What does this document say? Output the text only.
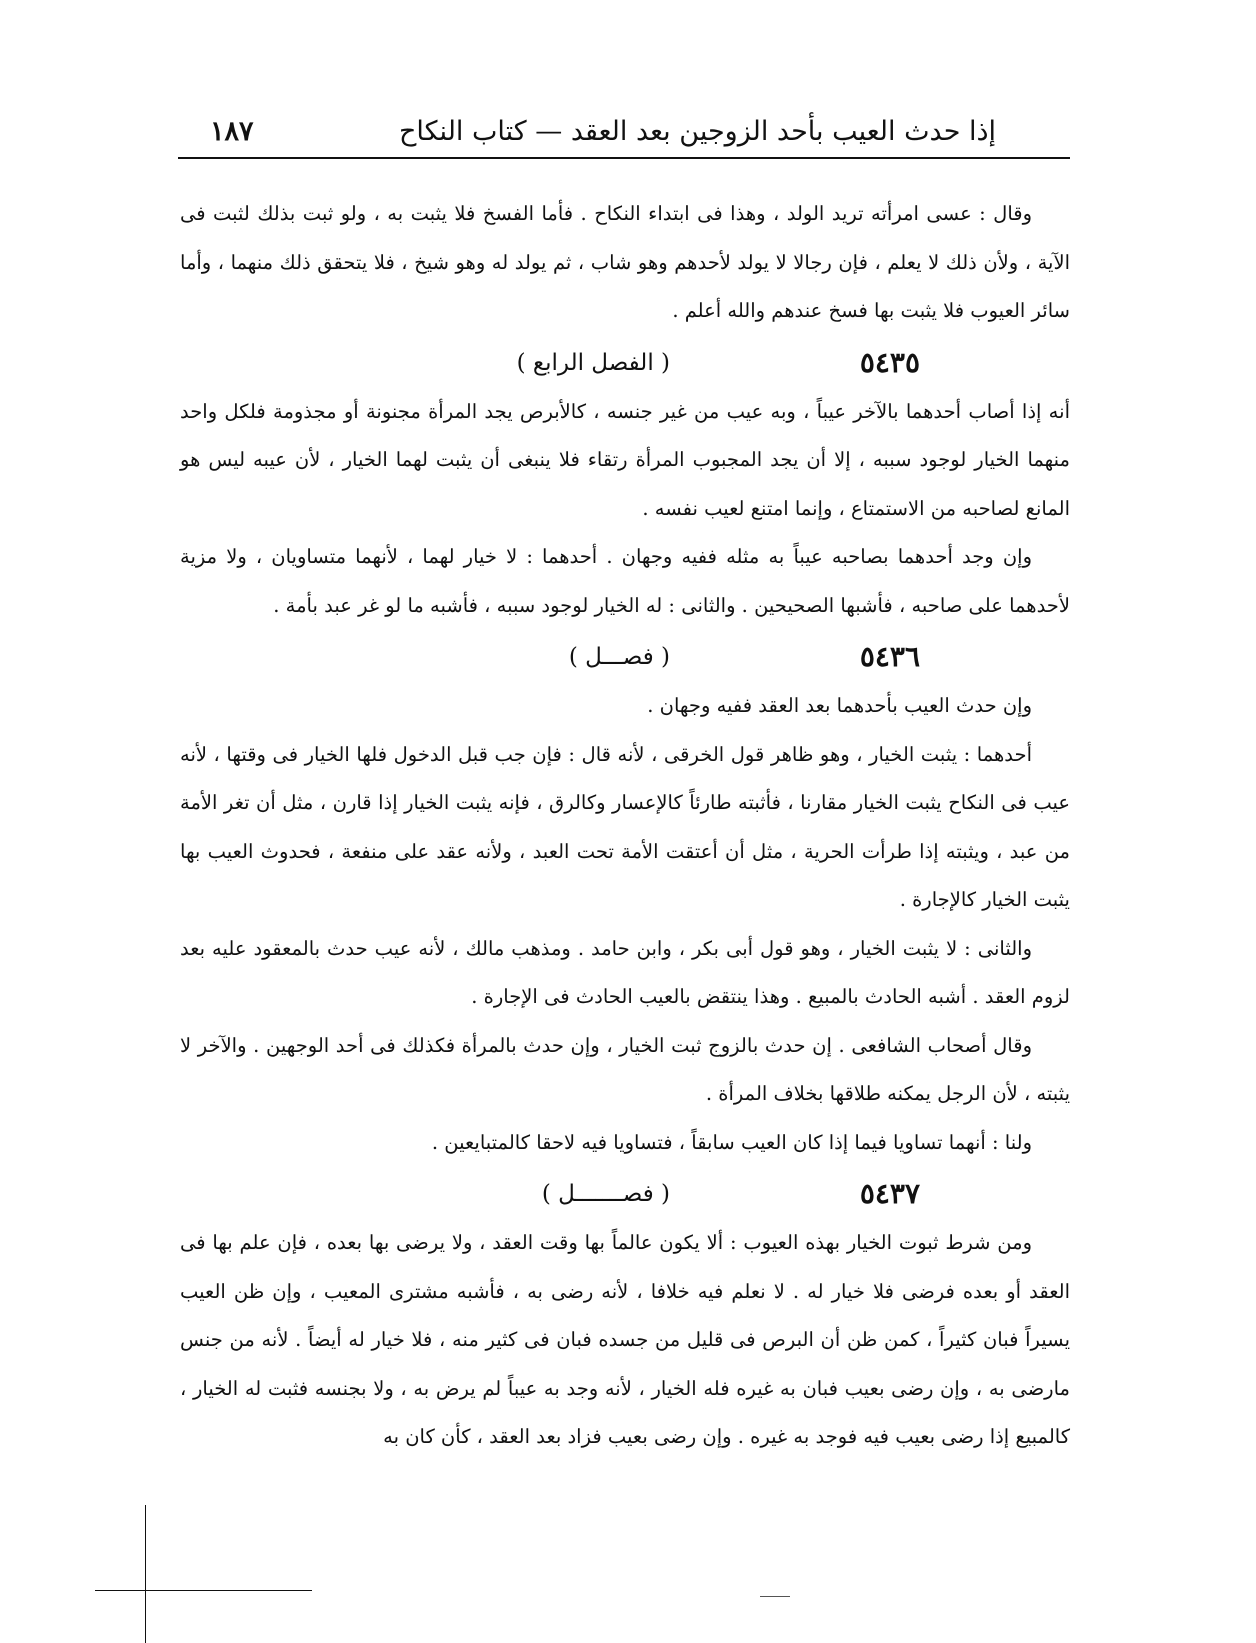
إذا حدث العيب بأحد الزوجين بعد العقد — كتاب النكاح
١٨٧

وقال : عسى امرأته تريد الولد ، وهذا فى ابتداء النكاح . فأما الفسخ فلا يثبت به ، ولو ثبت بذلك لثبت فى الآية ، ولأن ذلك لا يعلم ، فإن رجالا لا يولد لأحدهم وهو شاب ، ثم يولد له وهو شيخ ، فلا يتحقق ذلك منهما ، وأما سائر العيوب فلا يثبت بها فسخ عندهم والله أعلم .

٥٤٣٥
( الفصل الرابع )

أنه إذا أصاب أحدهما بالآخر عيباً ، وبه عيب من غير جنسه ، كالأبرص يجد المرأة مجنونة أو مجذومة فلكل واحد منهما الخيار لوجود سببه ، إلا أن يجد المجبوب المرأة رتقاء فلا ينبغى أن يثبت لهما الخيار ، لأن عيبه ليس هو المانع لصاحبه من الاستمتاع ، وإنما امتنع لعيب نفسه .

وإن وجد أحدهما بصاحبه عيباً به مثله ففيه وجهان . أحدهما : لا خيار لهما ، لأنهما متساويان ، ولا مزية لأحدهما على صاحبه ، فأشبها الصحيحين . والثانى : له الخيار لوجود سببه ، فأشبه ما لو غر عبد بأمة .

٥٤٣٦
( فصـــل )

وإن حدث العيب بأحدهما بعد العقد ففيه وجهان .

أحدهما : يثبت الخيار ، وهو ظاهر قول الخرقى ، لأنه قال : فإن جب قبل الدخول فلها الخيار فى وقتها ، لأنه عيب فى النكاح يثبت الخيار مقارنا ، فأثبته طارئاً كالإعسار وكالرق ، فإنه يثبت الخيار إذا قارن ، مثل أن تغر الأمة من عبد ، ويثبته إذا طرأت الحرية ، مثل أن أعتقت الأمة تحت العبد ، ولأنه عقد على منفعة ، فحدوث العيب بها يثبت الخيار كالإجارة .

والثانى : لا يثبت الخيار ، وهو قول أبى بكر ، وابن حامد . ومذهب مالك ، لأنه عيب حدث بالمعقود عليه بعد لزوم العقد . أشبه الحادث بالمبيع . وهذا ينتقض بالعيب الحادث فى الإجارة .

وقال أصحاب الشافعى . إن حدث بالزوج ثبت الخيار ، وإن حدث بالمرأة فكذلك فى أحد الوجهين . والآخر لا يثبته ، لأن الرجل يمكنه طلاقها بخلاف المرأة .

ولنا : أنهما تساويا فيما إذا كان العيب سابقاً ، فتساويا فيه لاحقا كالمتبايعين .

٥٤٣٧
( فصـــــــل )

ومن شرط ثبوت الخيار بهذه العيوب : ألا يكون عالماً بها وقت العقد ، ولا يرضى بها بعده ، فإن علم بها فى العقد أو بعده فرضى فلا خيار له . لا نعلم فيه خلافا ، لأنه رضى به ، فأشبه مشترى المعيب ، وإن ظن العيب يسيراً فبان كثيراً ، كمن ظن أن البرص فى قليل من جسده فبان فى كثير منه ، فلا خيار له أيضاً . لأنه من جنس مارضى به ، وإن رضى بعيب فبان به غيره فله الخيار ، لأنه وجد به عيباً لم يرض به ، ولا بجنسه فثبت له الخيار ، كالمبيع إذا رضى بعيب فيه فوجد به غيره . وإن رضى بعيب فزاد بعد العقد ، كأن كان به
